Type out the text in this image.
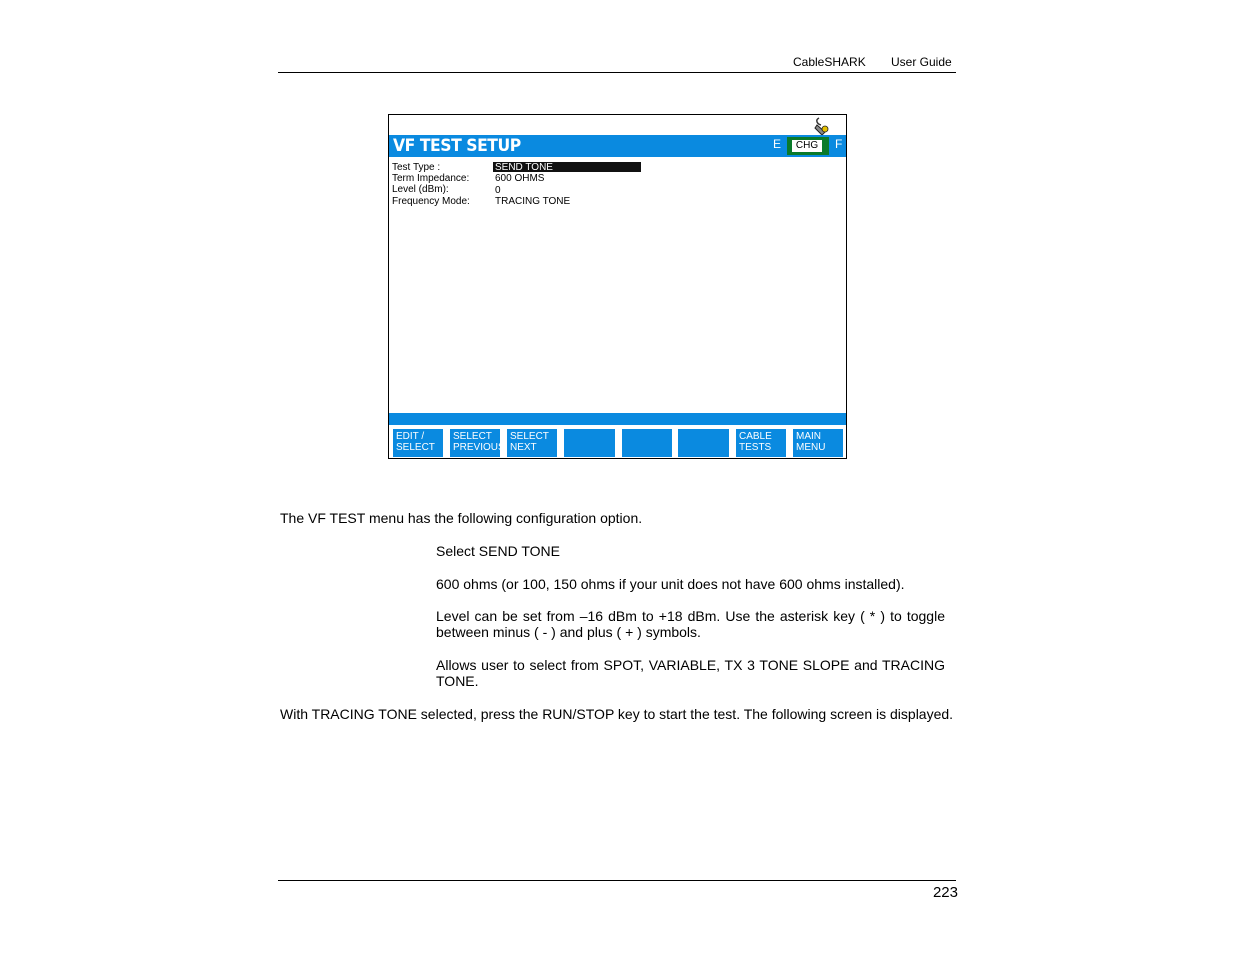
CableSHARK User Guide
VF TEST SETUP	E	CHG	F
Test Type :	SEND TONE
Term Impedance:	600 OHMS
Level (dBm):	0
Frequency Mode:	TRACING TONE
EDIT /
SELECT
SELECT
PREVIOUS
SELECT
NEXT
CABLE
TESTS
MAIN
MENU
The VF TEST menu has the following configuration option.
Select SEND TONE
600 ohms (or 100, 150 ohms if your unit does not have 600 ohms installed).
Level can be set from –16 dBm to +18 dBm. Use the asterisk key ( * ) to toggle between minus ( - ) and plus ( + ) symbols.
Allows user to select from SPOT, VARIABLE, TX 3 TONE SLOPE and TRACING TONE.
With TRACING TONE selected, press the RUN/STOP key to start the test. The following screen is displayed.
223
